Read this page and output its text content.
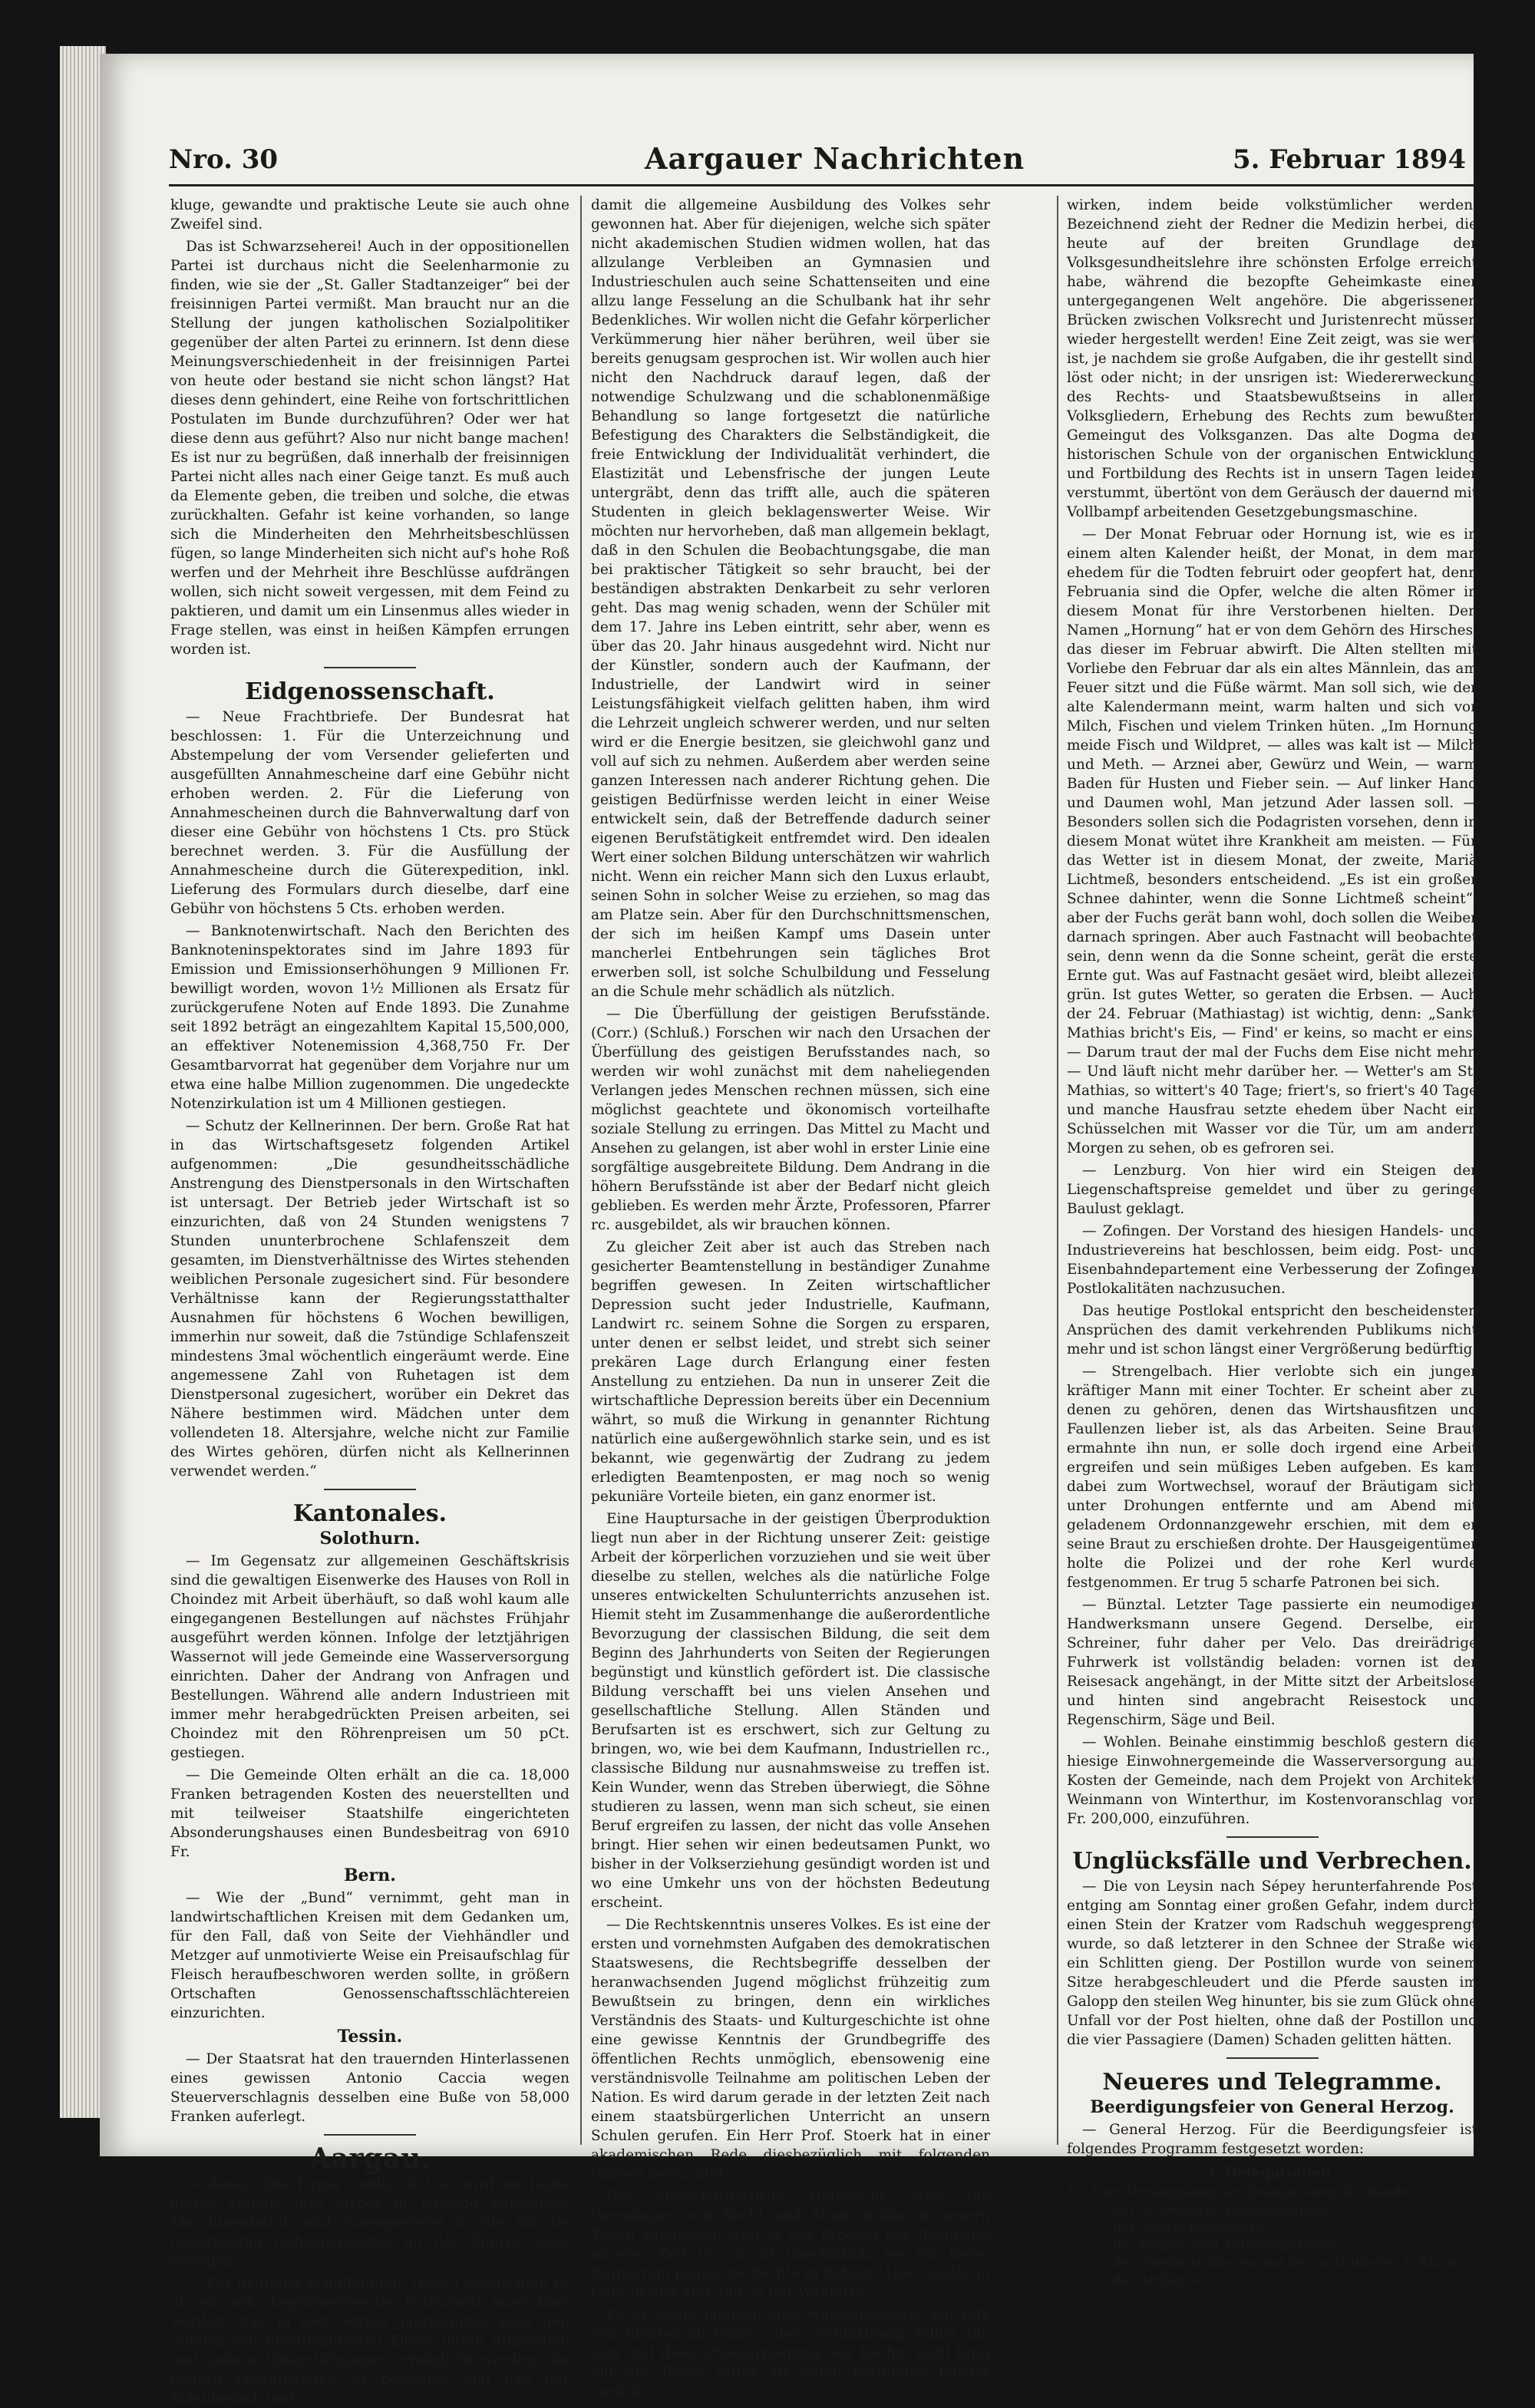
Nro. 30	Aargauer Nachrichten	5. Februar 1894

kluge, gewandte und praktische Leute sie auch ohne Zweifel sind.

Das ist Schwarzseherei! Auch in der oppositionellen Partei ist durchaus nicht die Seelenharmonie zu finden, wie sie der „St. Galler Stadtanzeiger“ bei der freisinnigen Partei vermißt. Man braucht nur an die Stellung der jungen katholischen Sozialpolitiker gegenüber der alten Partei zu erinnern. Ist denn diese Meinungsverschiedenheit in der freisinnigen Partei von heute oder bestand sie nicht schon längst? Hat dieses denn gehindert, eine Reihe von fortschrittlichen Postulaten im Bunde durchzuführen? Oder wer hat diese denn aus geführt? Also nur nicht bange machen! Es ist nur zu begrüßen, daß innerhalb der freisinnigen Partei nicht alles nach einer Geige tanzt. Es muß auch da Elemente geben, die treiben und solche, die etwas zurückhalten. Gefahr ist keine vorhanden, so lange sich die Minderheiten den Mehrheitsbeschlüssen fügen, so lange Minderheiten sich nicht auf's hohe Roß werfen und der Mehrheit ihre Beschlüsse aufdrängen wollen, sich nicht soweit vergessen, mit dem Feind zu paktieren, und damit um ein Linsenmus alles wieder in Frage stellen, was einst in heißen Kämpfen errungen worden ist.

Eidgenossenschaft.

— Neue Frachtbriefe. Der Bundesrat hat beschlossen: 1. Für die Unterzeichnung und Abstempelung der vom Versender gelieferten und ausgefüllten Annahmescheine darf eine Gebühr nicht erhoben werden. 2. Für die Lieferung von Annahmescheinen durch die Bahnverwaltung darf von dieser eine Gebühr von höchstens 1 Cts. pro Stück berechnet werden. 3. Für die Ausfüllung der Annahmescheine durch die Güterexpedition, inkl. Lieferung des Formulars durch dieselbe, darf eine Gebühr von höchstens 5 Cts. erhoben werden.

— Banknotenwirtschaft. Nach den Berichten des Banknoteninspektorates sind im Jahre 1893 für Emission und Emissionserhöhungen 9 Millionen Fr. bewilligt worden, wovon 1½ Millionen als Ersatz für zurückgerufene Noten auf Ende 1893. Die Zunahme seit 1892 beträgt an eingezahltem Kapital 15,500,000, an effektiver Notenemission 4,368,750 Fr. Der Gesamtbarvorrat hat gegenüber dem Vorjahre nur um etwa eine halbe Million zugenommen. Die ungedeckte Notenzirkulation ist um 4 Millionen gestiegen.

— Schutz der Kellnerinnen. Der bern. Große Rat hat in das Wirtschaftsgesetz folgenden Artikel aufgenommen: „Die gesundheitsschädliche Anstrengung des Dienstpersonals in den Wirtschaften ist untersagt. Der Betrieb jeder Wirtschaft ist so einzurichten, daß von 24 Stunden wenigstens 7 Stunden ununterbrochene Schlafenszeit dem gesamten, im Dienstverhältnisse des Wirtes stehenden weiblichen Personale zugesichert sind. Für besondere Verhältnisse kann der Regierungsstatthalter Ausnahmen für höchstens 6 Wochen bewilligen, immerhin nur soweit, daß die 7stündige Schlafenszeit mindestens 3mal wöchentlich eingeräumt werde. Eine angemessene Zahl von Ruhetagen ist dem Dienstpersonal zugesichert, worüber ein Dekret das Nähere bestimmen wird. Mädchen unter dem vollendeten 18. Altersjahre, welche nicht zur Familie des Wirtes gehören, dürfen nicht als Kellnerinnen verwendet werden.“

Kantonales.
Solothurn.

— Im Gegensatz zur allgemeinen Geschäftskrisis sind die gewaltigen Eisenwerke des Hauses von Roll in Choindez mit Arbeit überhäuft, so daß wohl kaum alle eingegangenen Bestellungen auf nächstes Frühjahr ausgeführt werden können. Infolge der letztjährigen Wassernot will jede Gemeinde eine Wasserversorgung einrichten. Daher der Andrang von Anfragen und Bestellungen. Während alle andern Industrieen mit immer mehr herabgedrückten Preisen arbeiten, sei Choindez mit den Röhrenpreisen um 50 pCt. gestiegen.

— Die Gemeinde Olten erhält an die ca. 18,000 Franken betragenden Kosten des neuerstellten und mit teilweiser Staatshilfe eingerichteten Absonderungshauses einen Bundesbeitrag von 6910 Fr.

Bern.

— Wie der „Bund“ vernimmt, geht man in landwirtschaftlichen Kreisen mit dem Gedanken um, für den Fall, daß von Seite der Viehhändler und Metzger auf unmotivierte Weise ein Preisaufschlag für Fleisch heraufbeschworen werden sollte, in größern Ortschaften Genossenschaftsschlächtereien einzurichten.

Tessin.

— Der Staatsrat hat den trauernden Hinterlassenen eines gewissen Antonio Caccia wegen Steuerverschlagnis desselben eine Buße von 58,000 Franken auferlegt.

Aargau.

— Aarau. Die Firma Oehler & Cie. wird im Laufe dieses Monats ihre bisher in Wildegg betriebene Maschinenfabrik und Eisengießerei in die für sie neuerbauten Gebäulichkeiten an der Suhrer Linie verlegen.

— Zur heutigen Schulbildung. (Korr.) Gewiß muß es als ein sehr begrüßenswerter Fortschritt bezeichnet werden, daß in den letzten Jahrzehnten auch den Söhnen von nichtbegüterten Eltern durch Stipendien und andere Unterstützungen ermöglicht worden, die höhern Lehranstalten zu besuchen und daß der Schulbesuch und

damit die allgemeine Ausbildung des Volkes sehr gewonnen hat. Aber für diejenigen, welche sich später nicht akademischen Studien widmen wollen, hat das allzulange Verbleiben an Gymnasien und Industrieschulen auch seine Schattenseiten und eine allzu lange Fesselung an die Schulbank hat ihr sehr Bedenkliches. Wir wollen nicht die Gefahr körperlicher Verkümmerung hier näher berühren, weil über sie bereits genugsam gesprochen ist. Wir wollen auch hier nicht den Nachdruck darauf legen, daß der notwendige Schulzwang und die schablonenmäßige Behandlung so lange fortgesetzt die natürliche Befestigung des Charakters die Selbständigkeit, die freie Entwicklung der Individualität verhindert, die Elastizität und Lebensfrische der jungen Leute untergräbt, denn das trifft alle, auch die späteren Studenten in gleich beklagenswerter Weise. Wir möchten nur hervorheben, daß man allgemein beklagt, daß in den Schulen die Beobachtungsgabe, die man bei praktischer Tätigkeit so sehr braucht, bei der beständigen abstrakten Denkarbeit zu sehr verloren geht. Das mag wenig schaden, wenn der Schüler mit dem 17. Jahre ins Leben eintritt, sehr aber, wenn es über das 20. Jahr hinaus ausgedehnt wird. Nicht nur der Künstler, sondern auch der Kaufmann, der Industrielle, der Landwirt wird in seiner Leistungsfähigkeit vielfach gelitten haben, ihm wird die Lehrzeit ungleich schwerer werden, und nur selten wird er die Energie besitzen, sie gleichwohl ganz und voll auf sich zu nehmen. Außerdem aber werden seine ganzen Interessen nach anderer Richtung gehen. Die geistigen Bedürfnisse werden leicht in einer Weise entwickelt sein, daß der Betreffende dadurch seiner eigenen Berufstätigkeit entfremdet wird. Den idealen Wert einer solchen Bildung unterschätzen wir wahrlich nicht. Wenn ein reicher Mann sich den Luxus erlaubt, seinen Sohn in solcher Weise zu erziehen, so mag das am Platze sein. Aber für den Durchschnittsmenschen, der sich im heißen Kampf ums Dasein unter mancherlei Entbehrungen sein tägliches Brot erwerben soll, ist solche Schulbildung und Fesselung an die Schule mehr schädlich als nützlich.

— Die Überfüllung der geistigen Berufsstände. (Corr.) (Schluß.) Forschen wir nach den Ursachen der Überfüllung des geistigen Berufsstandes nach, so werden wir wohl zunächst mit dem naheliegenden Verlangen jedes Menschen rechnen müssen, sich eine möglichst geachtete und ökonomisch vorteilhafte soziale Stellung zu erringen. Das Mittel zu Macht und Ansehen zu gelangen, ist aber wohl in erster Linie eine sorgfältige ausgebreitete Bildung. Dem Andrang in die höhern Berufsstände ist aber der Bedarf nicht gleich geblieben. Es werden mehr Ärzte, Professoren, Pfarrer rc. ausgebildet, als wir brauchen können.

Zu gleicher Zeit aber ist auch das Streben nach gesicherter Beamtenstellung in beständiger Zunahme begriffen gewesen. In Zeiten wirtschaftlicher Depression sucht jeder Industrielle, Kaufmann, Landwirt rc. seinem Sohne die Sorgen zu ersparen, unter denen er selbst leidet, und strebt sich seiner prekären Lage durch Erlangung einer festen Anstellung zu entziehen. Da nun in unserer Zeit die wirtschaftliche Depression bereits über ein Decennium währt, so muß die Wirkung in genannter Richtung natürlich eine außergewöhnlich starke sein, und es ist bekannt, wie gegenwärtig der Zudrang zu jedem erledigten Beamtenposten, er mag noch so wenig pekuniäre Vorteile bieten, ein ganz enormer ist.

Eine Hauptursache in der geistigen Überproduktion liegt nun aber in der Richtung unserer Zeit: geistige Arbeit der körperlichen vorzuziehen und sie weit über dieselbe zu stellen, welches als die natürliche Folge unseres entwickelten Schulunterrichts anzusehen ist. Hiemit steht im Zusammenhange die außerordentliche Bevorzugung der classischen Bildung, die seit dem Beginn des Jahrhunderts von Seiten der Regierungen begünstigt und künstlich gefördert ist. Die classische Bildung verschafft bei uns vielen Ansehen und gesellschaftliche Stellung. Allen Ständen und Berufsarten ist es erschwert, sich zur Geltung zu bringen, wo, wie bei dem Kaufmann, Industriellen rc., classische Bildung nur ausnahmsweise zu treffen ist. Kein Wunder, wenn das Streben überwiegt, die Söhne studieren zu lassen, wenn man sich scheut, sie einen Beruf ergreifen zu lassen, der nicht das volle Ansehen bringt. Hier sehen wir einen bedeutsamen Punkt, wo bisher in der Volkserziehung gesündigt worden ist und wo eine Umkehr uns von der höchsten Bedeutung erscheint.

— Die Rechtskenntnis unseres Volkes. Es ist eine der ersten und vornehmsten Aufgaben des demokratischen Staatswesens, die Rechtsbegriffe desselben der heranwachsenden Jugend möglichst frühzeitig zum Bewußtsein zu bringen, denn ein wirkliches Verständnis des Staats- und Kulturgeschichte ist ohne eine gewisse Kenntnis der Grundbegriffe des öffentlichen Rechts unmöglich, ebensowenig eine verständnisvolle Teilnahme am politischen Leben der Nation. Es wird darum gerade in der letzten Zeit nach einem staatsbürgerlichen Unterricht an unsern Schulen gerufen. Ein Herr Prof. Stoerk hat in einer akademischen Rede diesbezüglich mit folgenden Worten beleuchtet:

Der staatsbürgerliche Unterricht über die Grundlagen von Recht und Staat mußte in unsern Tagen aufsteigen, weil er das Produkt der Rechtsnot unserer Zeit ist; er ist unerläßlich, wo ein freies Bürgertum politische Rechte in hohem Maße ausübt in Gericht und Amt und an der Wahlurne.

Es ist weder möglich noch wünschenswert, ein Volk von Juristen zu bilden, aber rechtskundig sollen alle sein und diese Popularisierung des Rechts wohl tätig auf das Recht selbst als einen berufenen Pfleger zurück

wirken, indem beide volkstümlicher werden. Bezeichnend zieht der Redner die Medizin herbei, die heute auf der breiten Grundlage der Volksgesundheitslehre ihre schönsten Erfolge erreicht habe, während die bezopfte Geheimkaste einer untergegangenen Welt angehöre. Die abgerissenen Brücken zwischen Volksrecht und Juristenrecht müssen wieder hergestellt werden! Eine Zeit zeigt, was sie wert ist, je nachdem sie große Aufgaben, die ihr gestellt sind, löst oder nicht; in der unsrigen ist: Wiedererweckung des Rechts- und Staatsbewußtseins in allen Volksgliedern, Erhebung des Rechts zum bewußten Gemeingut des Volksganzen. Das alte Dogma der historischen Schule von der organischen Entwicklung und Fortbildung des Rechts ist in unsern Tagen leider verstummt, übertönt von dem Geräusch der dauernd mit Vollbampf arbeitenden Gesetzgebungsmaschine.

— Der Monat Februar oder Hornung ist, wie es in einem alten Kalender heißt, der Monat, in dem man ehedem für die Todten februirt oder geopfert hat, denn Februania sind die Opfer, welche die alten Römer in diesem Monat für ihre Verstorbenen hielten. Den Namen „Hornung“ hat er von dem Gehörn des Hirsches, das dieser im Februar abwirft. Die Alten stellten mit Vorliebe den Februar dar als ein altes Männlein, das am Feuer sitzt und die Füße wärmt. Man soll sich, wie der alte Kalendermann meint, warm halten und sich vor Milch, Fischen und vielem Trinken hüten. „Im Hornung meide Fisch und Wildpret, — alles was kalt ist — Milch und Meth. — Arznei aber, Gewürz und Wein, — warm Baden für Husten und Fieber sein. — Auf linker Hand und Daumen wohl, Man jetzund Ader lassen soll. — Besonders sollen sich die Podagristen vorsehen, denn in diesem Monat wütet ihre Krankheit am meisten. — Für das Wetter ist in diesem Monat, der zweite, Mariä Lichtmeß, besonders entscheidend. „Es ist ein großer Schnee dahinter, wenn die Sonne Lichtmeß scheint“, aber der Fuchs gerät bann wohl, doch sollen die Weiber darnach springen. Aber auch Fastnacht will beobachtet sein, denn wenn da die Sonne scheint, gerät die erste Ernte gut. Was auf Fastnacht gesäet wird, bleibt allezeit grün. Ist gutes Wetter, so geraten die Erbsen. — Auch der 24. Februar (Mathiastag) ist wichtig, denn: „Sankt Mathias bricht's Eis, — Find' er keins, so macht er eins; — Darum traut der mal der Fuchs dem Eise nicht mehr, — Und läuft nicht mehr darüber her. — Wetter's am St. Mathias, so wittert's 40 Tage; friert's, so friert's 40 Tage und manche Hausfrau setzte ehedem über Nacht ein Schüsselchen mit Wasser vor die Tür, um am andern Morgen zu sehen, ob es gefroren sei.

— Lenzburg. Von hier wird ein Steigen der Liegenschaftspreise gemeldet und über zu geringe Baulust geklagt.

— Zofingen. Der Vorstand des hiesigen Handels- und Industrievereins hat beschlossen, beim eidg. Post- und Eisenbahndepartement eine Verbesserung der Zofinger Postlokalitäten nachzusuchen.

Das heutige Postlokal entspricht den bescheidensten Ansprüchen des damit verkehrenden Publikums nicht mehr und ist schon längst einer Vergrößerung bedürftig.

— Strengelbach. Hier verlobte sich ein junger kräftiger Mann mit einer Tochter. Er scheint aber zu denen zu gehören, denen das Wirtshausfitzen und Faullenzen lieber ist, als das Arbeiten. Seine Braut ermahnte ihn nun, er solle doch irgend eine Arbeit ergreifen und sein müßiges Leben aufgeben. Es kam dabei zum Wortwechsel, worauf der Bräutigam sich unter Drohungen entfernte und am Abend mit geladenem Ordonnanzgewehr erschien, mit dem er seine Braut zu erschießen drohte. Der Hausgeigentümer holte die Polizei und der rohe Kerl wurde festgenommen. Er trug 5 scharfe Patronen bei sich.

— Bünztal. Letzter Tage passierte ein neumodiger Handwerksmann unsere Gegend. Derselbe, ein Schreiner, fuhr daher per Velo. Das dreirädrige Fuhrwerk ist vollständig beladen: vornen ist der Reisesack angehängt, in der Mitte sitzt der Arbeitslose und hinten sind angebracht Reisestock und Regenschirm, Säge und Beil.

— Wohlen. Beinahe einstimmig beschloß gestern die hiesige Einwohnergemeinde die Wasserversorgung auf Kosten der Gemeinde, nach dem Projekt von Architekt Weinmann von Winterthur, im Kostenvoranschlag von Fr. 200,000, einzuführen.

Unglücksfälle und Verbrechen.

— Die von Leysin nach Sépey herunterfahrende Post entging am Sonntag einer großen Gefahr, indem durch einen Stein der Kratzer vom Radschuh weggesprengt wurde, so daß letzterer in den Schnee der Straße wie ein Schlitten gieng. Der Postillon wurde von seinem Sitze herabgeschleudert und die Pferde sausten im Galopp den steilen Weg hinunter, bis sie zum Glück ohne Unfall vor der Post hielten, ohne daß der Postillon und die vier Passagiere (Damen) Schaden gelitten hätten.

Neueres und Telegramme.
Beerdigungsfeier von General Herzog.

— General Herzog. Für die Beerdigungsfeier ist folgendes Programm festgesetzt worden:

I. Delegationen.

1¼ Uhr: Versammlung der Delegationen des Bundes,

der Armeekorps-Kommandanten,

der Oberst-Divisionäre,

der Waffen- und Abteilungs-Chefs,

der Oberinstruktoren und der Instruktoren 1. Klasse

der Artillerie.
